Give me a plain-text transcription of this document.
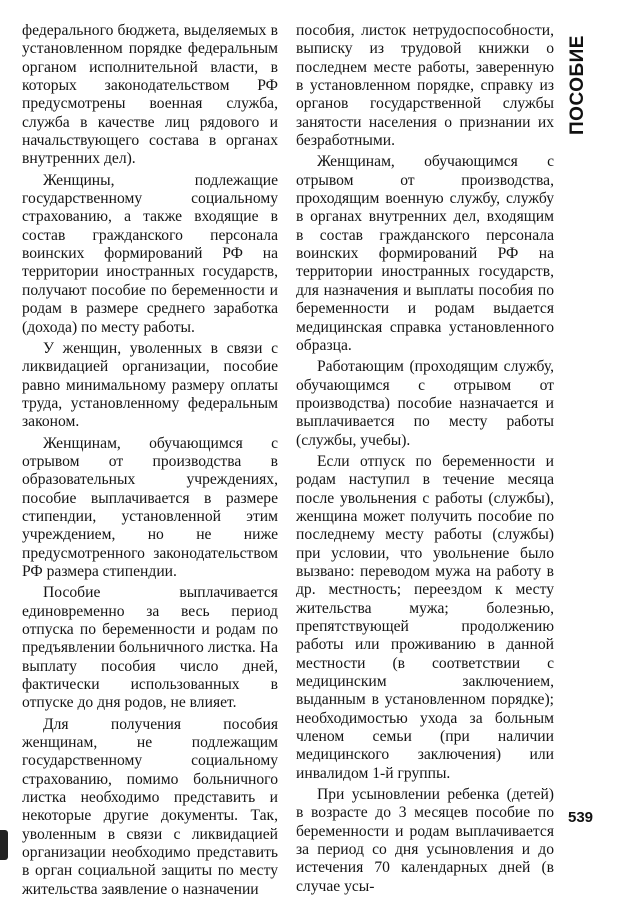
федерального бюджета, выделяемых в установленном порядке федеральным органом исполнительной власти, в которых законодательством РФ предусмотрены военная служба, служба в качестве лиц рядового и начальствующего состава в органах внутренних дел).

Женщины, подлежащие государственному социальному страхованию, а также входящие в состав гражданского персонала воинских формирований РФ на территории иностранных государств, получают пособие по беременности и родам в размере среднего заработка (дохода) по месту работы.

У женщин, уволенных в связи с ликвидацией организации, пособие равно минимальному размеру оплаты труда, установленному федеральным законом.

Женщинам, обучающимся с отрывом от производства в образовательных учреждениях, пособие выплачивается в размере стипендии, установленной этим учреждением, но не ниже предусмотренного законодательством РФ размера стипендии.

Пособие выплачивается единовременно за весь период отпуска по беременности и родам по предъявлении больничного листка. На выплату пособия число дней, фактически использованных в отпуске до дня родов, не влияет.

Для получения пособия женщинам, не подлежащим государственному социальному страхованию, помимо больничного листка необходимо представить и некоторые другие документы. Так, уволенным в связи с ликвидацией организации необходимо представить в орган социальной защиты по месту жительства заявление о назначении

пособия, листок нетрудоспособности, выписку из трудовой книжки о последнем месте работы, заверенную в установленном порядке, справку из органов государственной службы занятости населения о признании их безработными.

Женщинам, обучающимся с отрывом от производства, проходящим военную службу, службу в органах внутренних дел, входящим в состав гражданского персонала воинских формирований РФ на территории иностранных государств, для назначения и выплаты пособия по беременности и родам выдается медицинская справка установленного образца.

Работающим (проходящим службу, обучающимся с отрывом от производства) пособие назначается и выплачивается по месту работы (службы, учебы).

Если отпуск по беременности и родам наступил в течение месяца после увольнения с работы (службы), женщина может получить пособие по последнему месту работы (службы) при условии, что увольнение было вызвано: переводом мужа на работу в др. местность; переездом к месту жительства мужа; болезнью, препятствующей продолжению работы или проживанию в данной местности (в соответствии с медицинским заключением, выданным в установленном порядке); необходимостью ухода за больным членом семьи (при наличии медицинского заключения) или инвалидом 1-й группы.

При усыновлении ребенка (детей) в возрасте до 3 месяцев пособие по беременности и родам выплачивается за период со дня усыновления и до истечения 70 календарных дней (в случае усы-

ПОСОБИЕ
539
